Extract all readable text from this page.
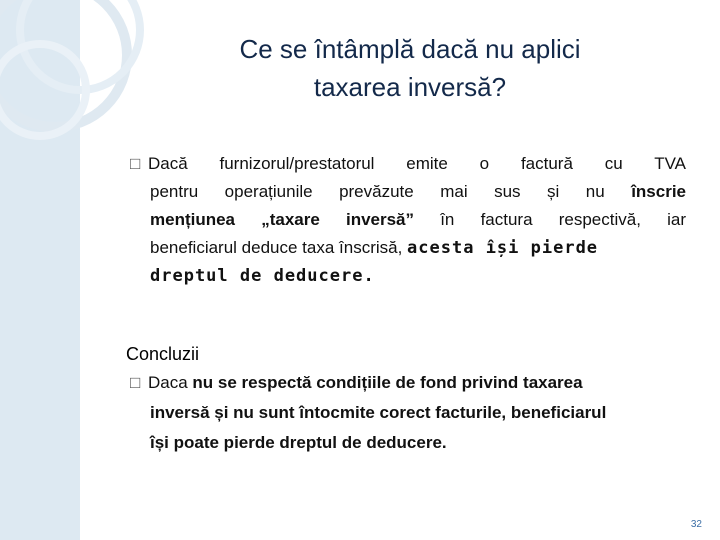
Ce se întâmplă dacă nu aplici
taxarea inversă?
□ Dacă furnizorul/prestatorul emite o factură cu TVA
pentru operațiunile prevăzute mai sus și nu înscrie
mențiunea „taxare inversă” în factura respectivă, iar
beneficiarul deduce taxa înscrisă, acesta își pierde
dreptul de deducere.
Concluzii
□ Daca nu se respectă condițiile de fond privind taxarea
inversă și nu sunt întocmite corect facturile, beneficiarul
își poate pierde dreptul de deducere.
32
